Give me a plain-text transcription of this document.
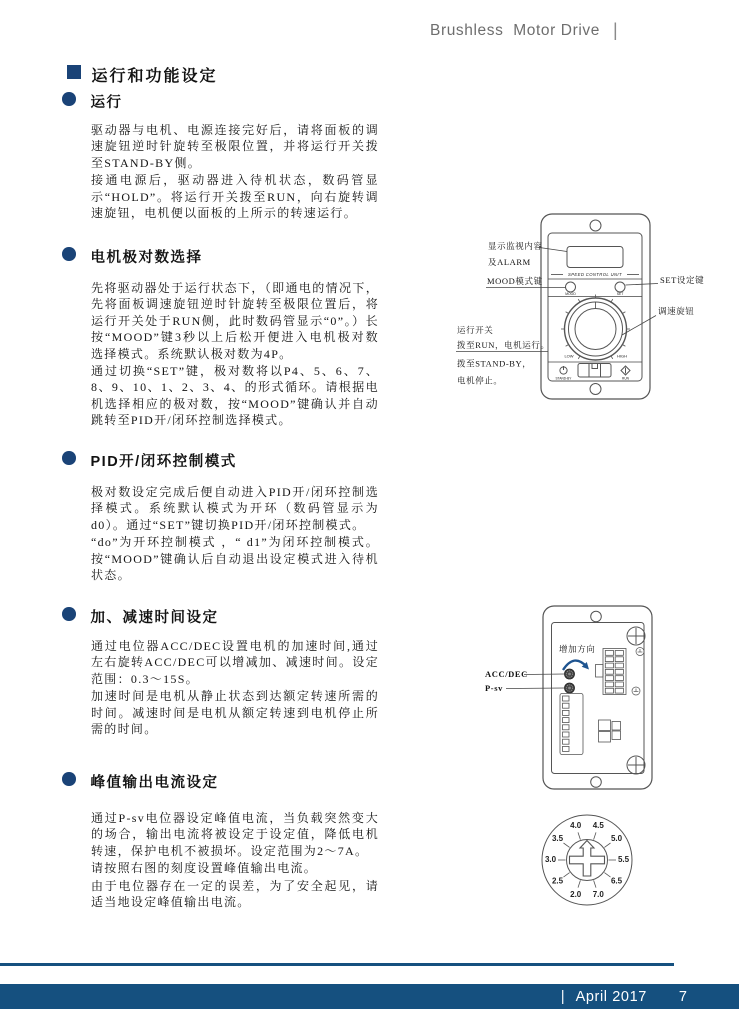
Brushless  Motor Drive |
运行和功能设定
运行

驱动器与电机、电源连接完好后，请将面板的调速旋钮逆时针旋转至极限位置，并将运行开关拨至STAND-BY侧。

接通电源后，驱动器进入待机状态，数码管显示“HOLD”。将运行开关拨至RUN，向右旋转调速旋钮，电机便以面板的上所示的转速运行。

电机极对数选择

先将驱动器处于运行状态下，（即通电的情况下，先将面板调速旋钮逆时针旋转至极限位置后，将运行开关处于RUN侧，此时数码管显示“0”。）长按“MOOD”键3秒以上后松开便进入电机极对数选择模式。系统默认极对数为4P。

通过切换“SET”键，极对数将以P4、5、6、7、8、9、10、1、2、3、4、的形式循环。请根据电机选择相应的极对数，按“MOOD”键确认并自动跳转至PID开/闭环控制选择模式。

PID开/闭环控制模式

极对数设定完成后便自动进入PID开/闭环控制选择模式。系统默认模式为开环（数码管显示为d0）。通过“SET”键切换PID开/闭环控制模式。

“do”为开环控制模式 ，“ d1”为闭环控制模式。按“MOOD”键确认后自动退出设定模式进入待机状态。

加、减速时间设定

通过电位器ACC/DEC设置电机的加速时间,通过左右旋转ACC/DEC可以增减加、减速时间。设定范围：0.3～15S。

加速时间是电机从静止状态到达额定转速所需的时间。减速时间是电机从额定转速到电机停止所需的时间。

峰值输出电流设定

通过P-sv电位器设定峰值电流，当负载突然变大的场合，输出电流将被设定于设定值，降低电机转速，保护电机不被损坏。设定范围为2～7A。

请按照右图的刻度设置峰值输出电流。

由于电位器存在一定的误差，为了安全起见，请适当地设定峰值输出电流。

SPEED CONTROL UNIT
MOOD	SET
LOW	HIGH
STAND-BY	RUN
显示监视内容
及ALARM
MOOD模式键	SET设定键
调速旋钮
运行开关
拨至RUN，电机运行。
拨至STAND-BY，
电机停止。
增加方向
ACC/DEC
P-sv
4.0 4.5
3.5	5.0
3.0	5.5
2.5	6.5
2.0 7.0
| April 2017 7
